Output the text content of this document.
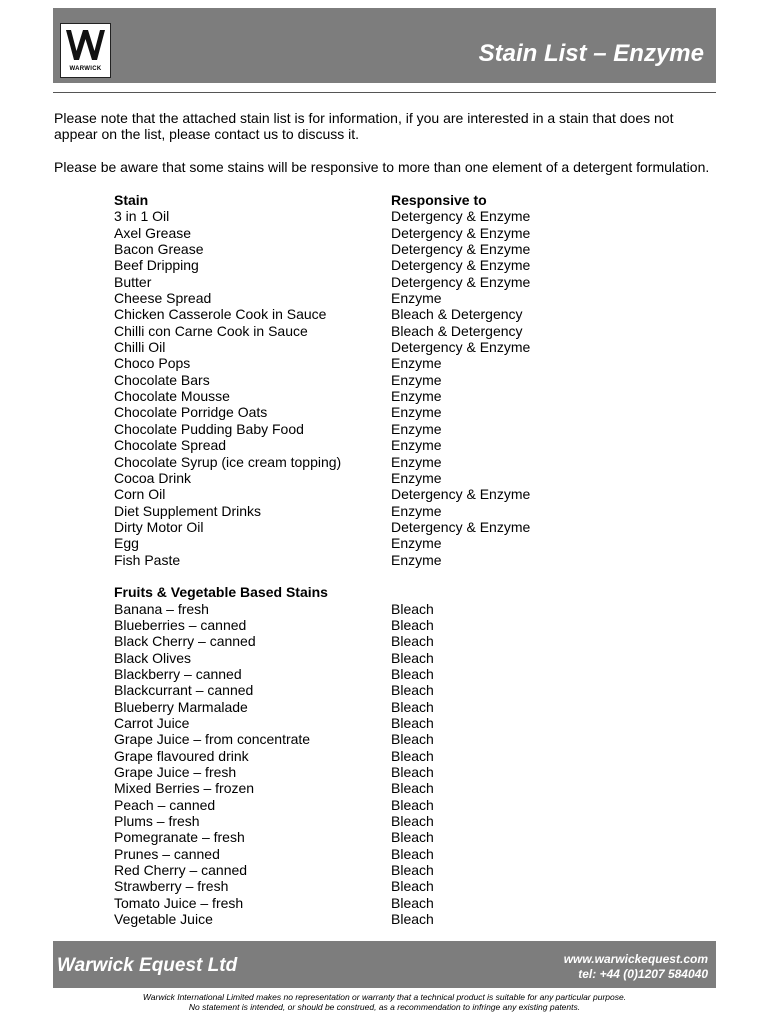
WARWICK
Stain List – Enzyme

Please note that the attached stain list is for information, if you are interested in a stain that does not appear on the list, please contact us to discuss it.

Please be aware that some stains will be responsive to more than one element of a detergent formulation.

Stain	Responsive to
3 in 1 Oil	Detergency & Enzyme
Axel Grease	Detergency & Enzyme
Bacon Grease	Detergency & Enzyme
Beef Dripping	Detergency & Enzyme
Butter	Detergency & Enzyme
Cheese Spread	Enzyme
Chicken Casserole Cook in Sauce	Bleach & Detergency
Chilli con Carne Cook in Sauce	Bleach & Detergency
Chilli Oil	Detergency & Enzyme
Choco Pops	Enzyme
Chocolate Bars	Enzyme
Chocolate Mousse	Enzyme
Chocolate Porridge Oats	Enzyme
Chocolate Pudding Baby Food	Enzyme
Chocolate Spread	Enzyme
Chocolate Syrup (ice cream topping)	Enzyme
Cocoa Drink	Enzyme
Corn Oil	Detergency & Enzyme
Diet Supplement Drinks	Enzyme
Dirty Motor Oil	Detergency & Enzyme
Egg	Enzyme
Fish Paste	Enzyme
Fruits & Vegetable Based Stains
Banana – fresh	Bleach
Blueberries – canned	Bleach
Black Cherry – canned	Bleach
Black Olives	Bleach
Blackberry – canned	Bleach
Blackcurrant – canned	Bleach
Blueberry Marmalade	Bleach
Carrot Juice	Bleach
Grape Juice – from concentrate	Bleach
Grape flavoured drink	Bleach
Grape Juice – fresh	Bleach
Mixed Berries – frozen	Bleach
Peach – canned	Bleach
Plums – fresh	Bleach
Pomegranate – fresh	Bleach
Prunes – canned	Bleach
Red Cherry – canned	Bleach
Strawberry – fresh	Bleach
Tomato Juice – fresh	Bleach
Vegetable Juice	Bleach
Warwick Equest Ltd	www.warwickequest.com
tel: +44 (0)1207 584040
Warwick International Limited makes no representation or warranty that a technical product is suitable for any particular purpose.
No statement is intended, or should be construed, as a recommendation to infringe any existing patents.
